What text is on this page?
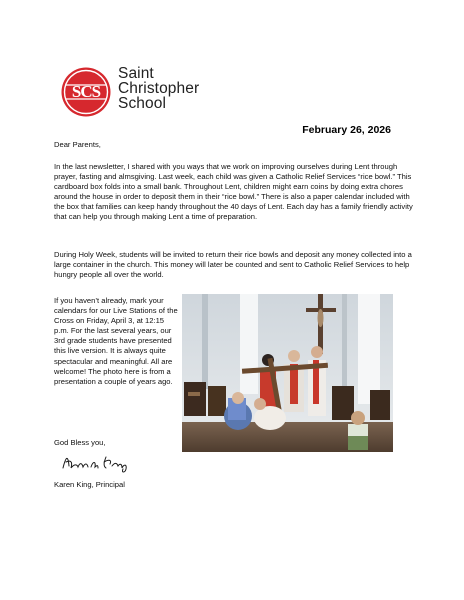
SCS
Saint
Christopher
School
February 26, 2026
Dear Parents,
In the last newsletter, I shared with you ways that we work on improving ourselves during Lent through prayer, fasting and almsgiving. Last week, each child was given a Catholic Relief Services “rice bowl.” This cardboard box folds into a small bank. Throughout Lent, children might earn coins by doing extra chores around the house in order to deposit them in their “rice bowl.” There is also a paper calendar included with the box that families can keep handy throughout the 40 days of Lent. Each day has a family friendly activity that can help you through making Lent a time of preparation.
During Holy Week, students will be invited to return their rice bowls and deposit any money collected into a large container in the church. This money will later be counted and sent to Catholic Relief Services to help hungry people all over the world.
If you haven’t already, mark your calendars for our Live Stations of the Cross on Friday, April 3, at 12:15 p.m. For the last several years, our 3rd grade students have presented this live version. It is always quite spectacular and meaningful. All are welcome! The photo here is from a presentation a couple of years ago.
God Bless you,
Karen King, Principal
